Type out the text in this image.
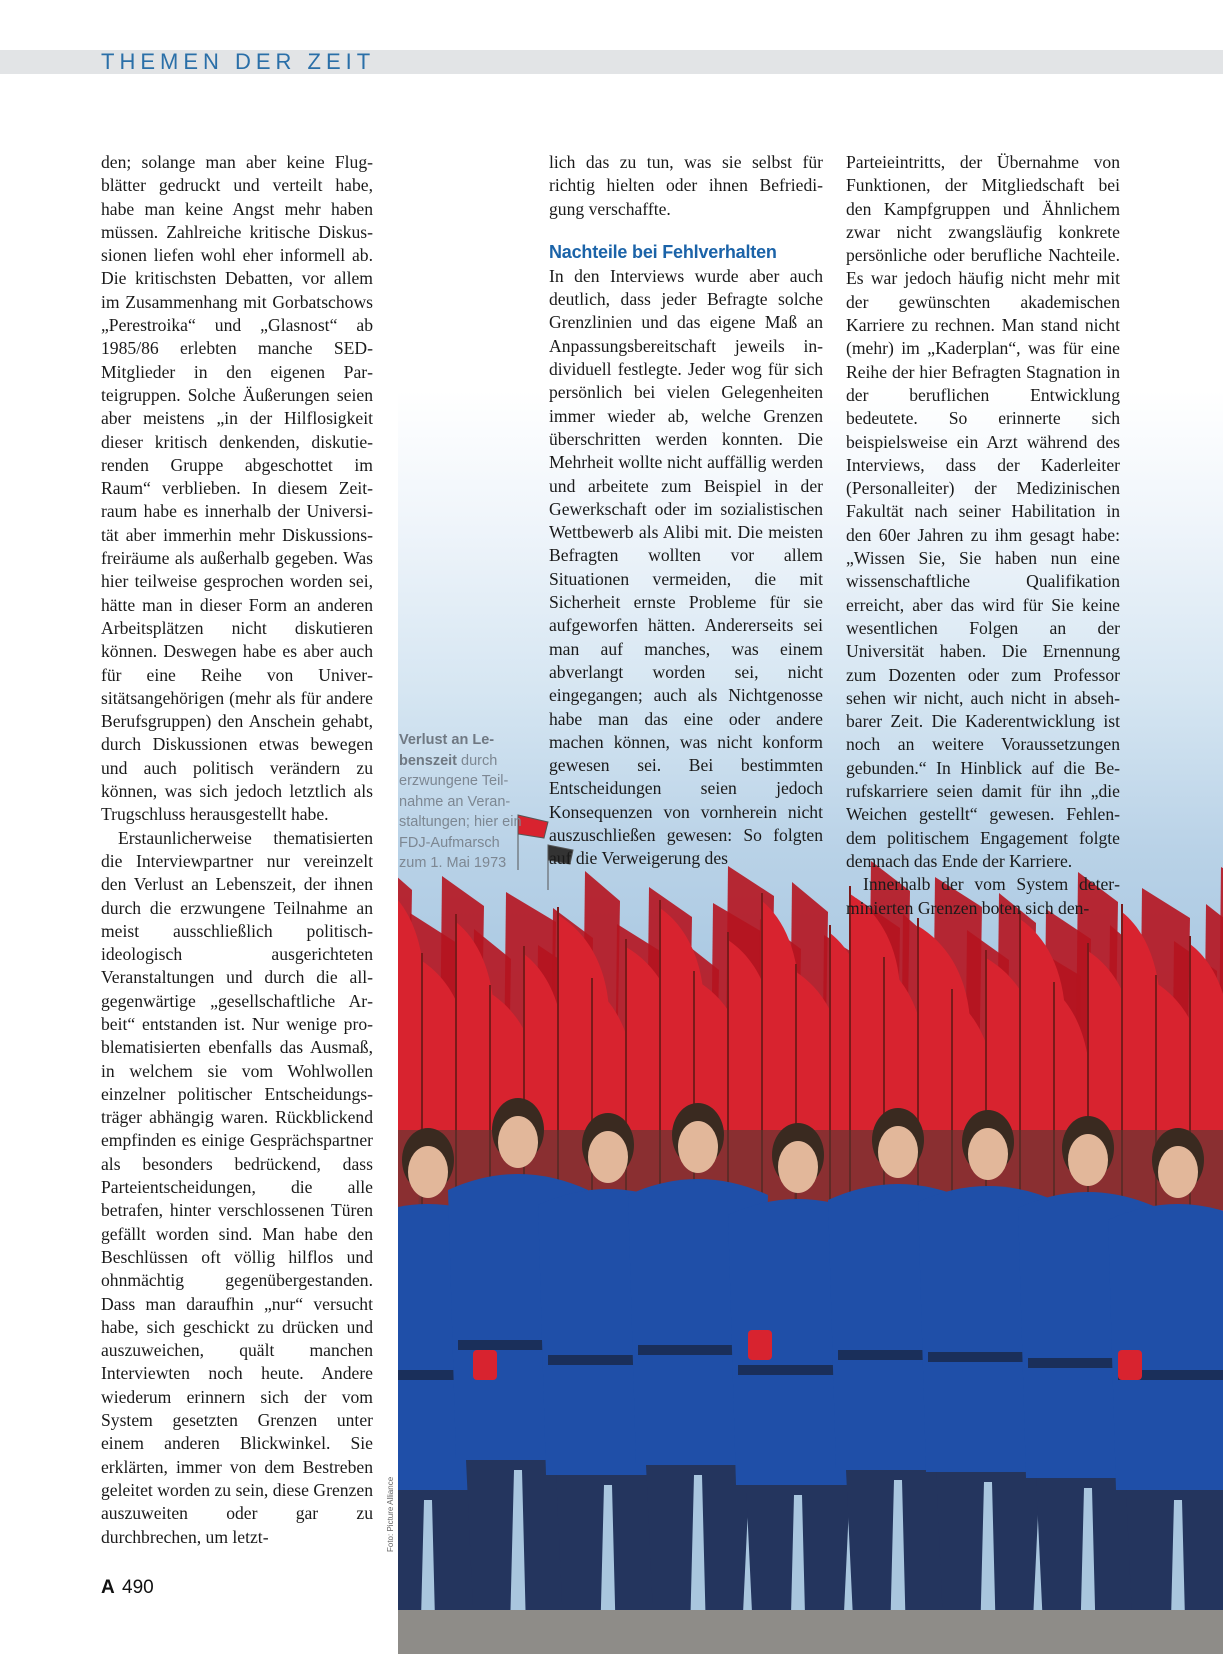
THEMEN DER ZEIT

den; solange man aber keine Flugblätter gedruckt und verteilt habe, habe man keine Angst mehr haben müssen. Zahlreiche kritische Diskussionen liefen wohl eher informell ab. Die kritischsten Debatten, vor allem im Zusammenhang mit Gorbatschows „Perestroika“ und „Glasnost“ ab 1985/86 erlebten manche SED-Mitglieder in den eigenen Parteigruppen. Solche Äußerungen seien aber meistens „in der Hilflosigkeit dieser kritisch denkenden, diskutierenden Gruppe abgeschottet im Raum“ verblieben. In diesem Zeitraum habe es innerhalb der Universität aber immerhin mehr Diskussionsfreiräume als außerhalb gegeben. Was hier teilweise gesprochen worden sei, hätte man in dieser Form an anderen Arbeitsplätzen nicht diskutieren können. Deswegen habe es aber auch für eine Reihe von Universitätsangehörigen (mehr als für andere Berufsgruppen) den Anschein gehabt, durch Diskussionen etwas bewegen und auch politisch verändern zu können, was sich jedoch letztlich als Trugschluss herausgestellt habe.

Erstaunlicherweise thematisierten die Interviewpartner nur vereinzelt den Verlust an Lebenszeit, der ihnen durch die erzwungene Teilnahme an meist ausschließlich politisch-ideologisch ausgerichteten Veranstaltungen und durch die allgegenwärtige „gesellschaftliche Arbeit“ entstanden ist. Nur wenige problematisierten ebenfalls das Ausmaß, in welchem sie vom Wohlwollen einzelner politischer Entscheidungsträger abhängig waren. Rückblickend empfinden es einige Gesprächspartner als besonders bedrückend, dass Parteientscheidungen, die alle betrafen, hinter verschlossenen Türen gefällt worden sind. Man habe den Beschlüssen oft völlig hilflos und ohnmächtig gegenübergestanden. Dass man daraufhin „nur“ versucht habe, sich geschickt zu drücken und auszuweichen, quält manchen Interviewten noch heute. Andere wiederum erinnern sich der vom System gesetzten Grenzen unter einem anderen Blickwinkel. Sie erklärten, immer von dem Bestreben geleitet worden zu sein, diese Grenzen auszuweiten oder gar zu durchbrechen, um letzt-

lich das zu tun, was sie selbst für richtig hielten oder ihnen Befriedigung verschaffte.

Nachteile bei Fehlverhalten

In den Interviews wurde aber auch deutlich, dass jeder Befragte solche Grenzlinien und das eigene Maß an Anpassungsbereitschaft jeweils individuell festlegte. Jeder wog für sich persönlich bei vielen Gelegenheiten immer wieder ab, welche Grenzen überschritten werden konnten. Die Mehrheit wollte nicht auffällig werden und arbeitete zum Beispiel in der Gewerkschaft oder im sozialistischen Wettbewerb als Alibi mit. Die meisten Befragten wollten vor allem Situationen vermeiden, die mit Sicherheit ernste Probleme für sie aufgeworfen hätten. Andererseits sei man auf manches, was einem abverlangt worden sei, nicht eingegangen; auch als Nichtgenosse habe man das eine oder andere machen können, was nicht konform gewesen sei. Bei bestimmten Entscheidungen seien jedoch Konsequenzen von vornherein nicht auszuschließen gewesen: So folgten auf die Verweigerung des

Parteieintritts, der Übernahme von Funktionen, der Mitgliedschaft bei den Kampfgruppen und Ähnlichem zwar nicht zwangsläufig konkrete persönliche oder berufliche Nachteile. Es war jedoch häufig nicht mehr mit der gewünschten akademischen Karriere zu rechnen. Man stand nicht (mehr) im „Kaderplan“, was für eine Reihe der hier Befragten Stagnation in der beruflichen Entwicklung bedeutete. So erinnerte sich beispielsweise ein Arzt während des Interviews, dass der Kaderleiter (Personalleiter) der Medizinischen Fakultät nach seiner Habilitation in den 60er Jahren zu ihm gesagt habe: „Wissen Sie, Sie haben nun eine wissenschaftliche Qualifikation erreicht, aber das wird für Sie keine wesentlichen Folgen an der Universität haben. Die Ernennung zum Dozenten oder zum Professor sehen wir nicht, auch nicht in absehbarer Zeit. Die Kaderentwicklung ist noch an weitere Voraussetzungen gebunden.“ In Hinblick auf die Berufskarriere seien damit für ihn „die Weichen gestellt“ gewesen. Fehlendem politischem Engagement folgte demnach das Ende der Karriere.

Innerhalb der vom System determinierten Grenzen boten sich den-

Verlust an Lebenszeit durch erzwungene Teilnahme an Veranstaltungen; hier ein FDJ-Aufmarsch zum 1. Mai 1973
Foto: Picture Alliance
A 490
